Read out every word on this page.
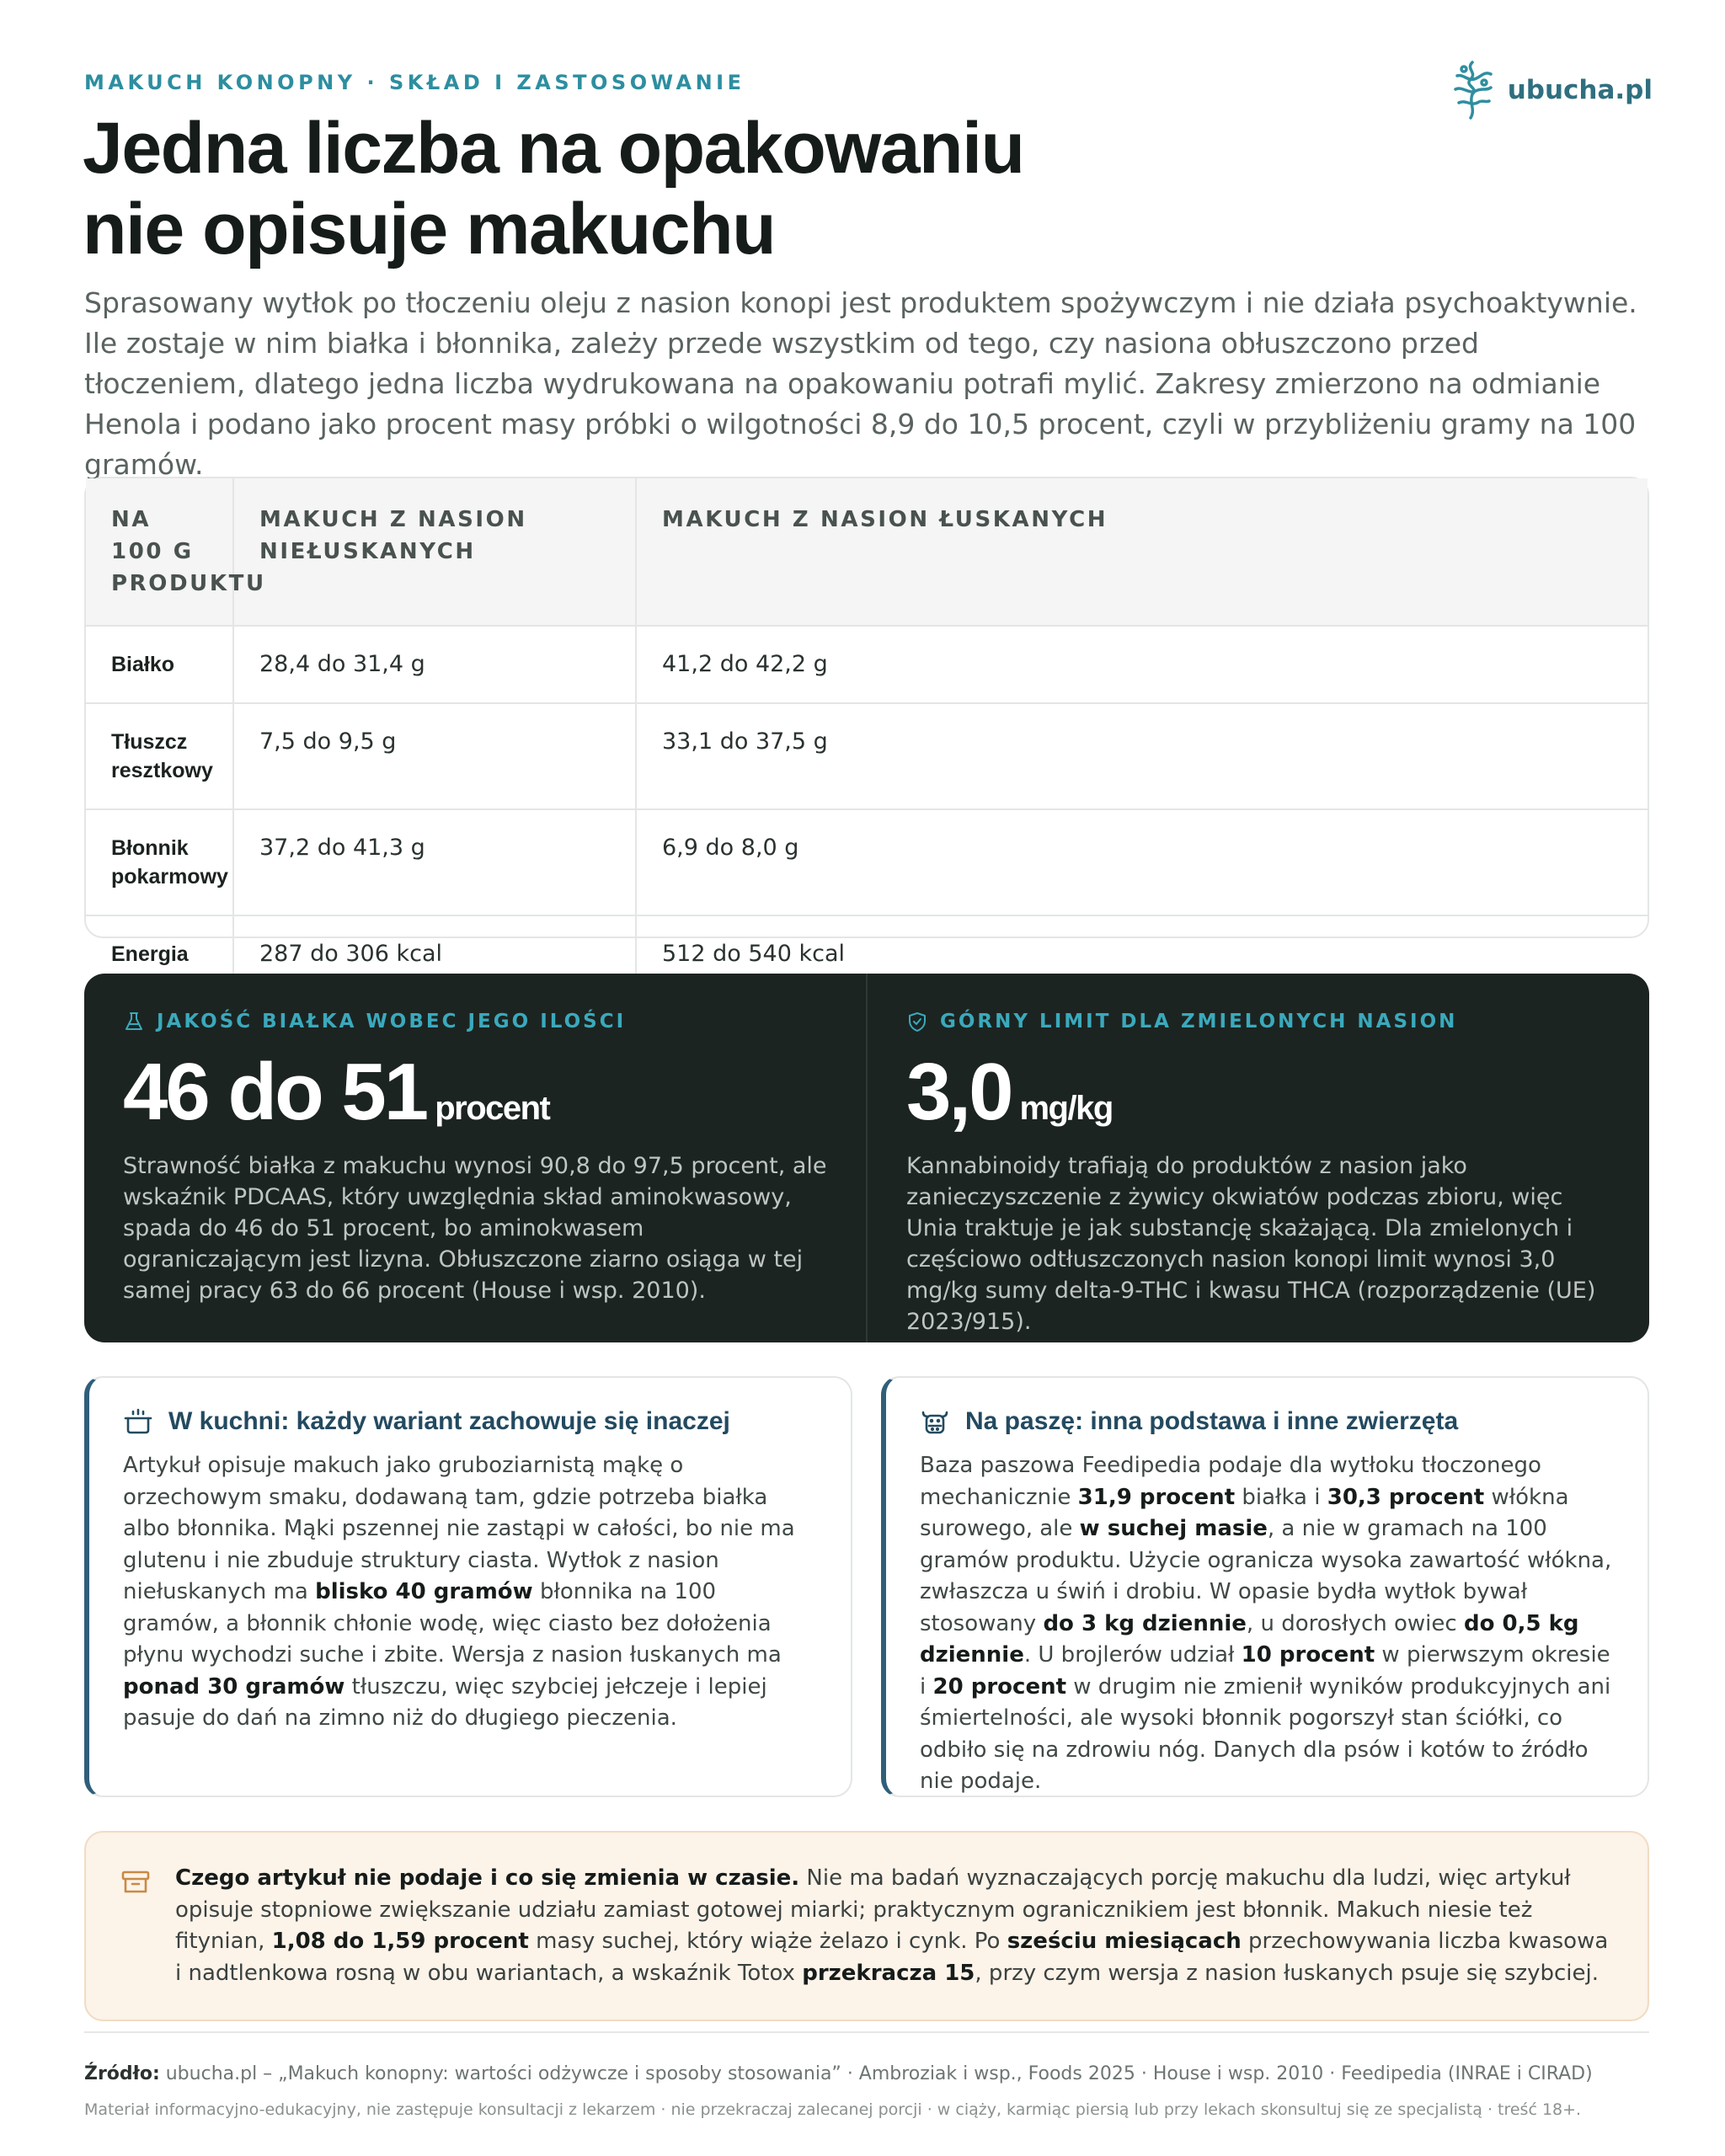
MAKUCH KONOPNY · SKŁAD I ZASTOSOWANIE	ubucha.pl
Jedna liczba na opakowaniu
nie opisuje makuchu

Sprasowany wytłok po tłoczeniu oleju z nasion konopi jest produktem spożywczym i nie działa psychoaktywnie. Ile zostaje w nim białka i błonnika, zależy przede wszystkim od tego, czy nasiona obłuszczono przed tłoczeniem, dlatego jedna liczba wydrukowana na opakowaniu potrafi mylić. Zakresy zmierzono na odmianie Henola i podano jako procent masy próbki o wilgotności 8,9 do 10,5 procent, czyli w przybliżeniu gramy na 100 gramów.

NA 100 G PRODUKTU	MAKUCH Z NASION NIEŁUSKANYCH	MAKUCH Z NASION ŁUSKANYCH
Białko	28,4 do 31,4 g	41,2 do 42,2 g
Tłuszcz resztkowy	7,5 do 9,5 g	33,1 do 37,5 g
Błonnik pokarmowy	37,2 do 41,3 g	6,9 do 8,0 g
Energia	287 do 306 kcal	512 do 540 kcal
JAKOŚĆ BIAŁKA WOBEC JEGO ILOŚCI
46 do 51 procent

Strawność białka z makuchu wynosi 90,8 do 97,5 procent, ale wskaźnik PDCAAS, który uwzględnia skład aminokwasowy, spada do 46 do 51 procent, bo aminokwasem ograniczającym jest lizyna. Obłuszczone ziarno osiąga w tej samej pracy 63 do 66 procent (House i wsp. 2010).

GÓRNY LIMIT DLA ZMIELONYCH NASION
3,0 mg/kg

Kannabinoidy trafiają do produktów z nasion jako zanieczyszczenie z żywicy okwiatów podczas zbioru, więc Unia traktuje je jak substancję skażającą. Dla zmielonych i częściowo odtłuszczonych nasion konopi limit wynosi 3,0 mg/kg sumy delta-9-THC i kwasu THCA (rozporządzenie (UE) 2023/915).

W kuchni: każdy wariant zachowuje się inaczej

Artykuł opisuje makuch jako gruboziarnistą mąkę o orzechowym smaku, dodawaną tam, gdzie potrzeba białka albo błonnika. Mąki pszennej nie zastąpi w całości, bo nie ma glutenu i nie zbuduje struktury ciasta. Wytłok z nasion niełuskanych ma blisko 40 gramów błonnika na 100 gramów, a błonnik chłonie wodę, więc ciasto bez dołożenia płynu wychodzi suche i zbite. Wersja z nasion łuskanych ma ponad 30 gramów tłuszczu, więc szybciej jełczeje i lepiej pasuje do dań na zimno niż do długiego pieczenia.

Na paszę: inna podstawa i inne zwierzęta

Baza paszowa Feedipedia podaje dla wytłoku tłoczonego mechanicznie 31,9 procent białka i 30,3 procent włókna surowego, ale w suchej masie, a nie w gramach na 100 gramów produktu. Użycie ogranicza wysoka zawartość włókna, zwłaszcza u świń i drobiu. W opasie bydła wytłok bywał stosowany do 3 kg dziennie, u dorosłych owiec do 0,5 kg dziennie. U brojlerów udział 10 procent w pierwszym okresie i 20 procent w drugim nie zmienił wyników produkcyjnych ani śmiertelności, ale wysoki błonnik pogorszył stan ściółki, co odbiło się na zdrowiu nóg. Danych dla psów i kotów to źródło nie podaje.

Czego artykuł nie podaje i co się zmienia w czasie. Nie ma badań wyznaczających porcję makuchu dla ludzi, więc artykuł opisuje stopniowe zwiększanie udziału zamiast gotowej miarki; praktycznym ogranicznikiem jest błonnik. Makuch niesie też fitynian, 1,08 do 1,59 procent masy suchej, który wiąże żelazo i cynk. Po sześciu miesiącach przechowywania liczba kwasowa i nadtlenkowa rosną w obu wariantach, a wskaźnik Totox przekracza 15, przy czym wersja z nasion łuskanych psuje się szybciej.

Źródło: ubucha.pl – „Makuch konopny: wartości odżywcze i sposoby stosowania” · Ambroziak i wsp., Foods 2025 · House i wsp. 2010 · Feedipedia (INRAE i CIRAD)

Materiał informacyjno-edukacyjny, nie zastępuje konsultacji z lekarzem · nie przekraczaj zalecanej porcji · w ciąży, karmiąc piersią lub przy lekach skonsultuj się ze specjalistą · treść 18+.
